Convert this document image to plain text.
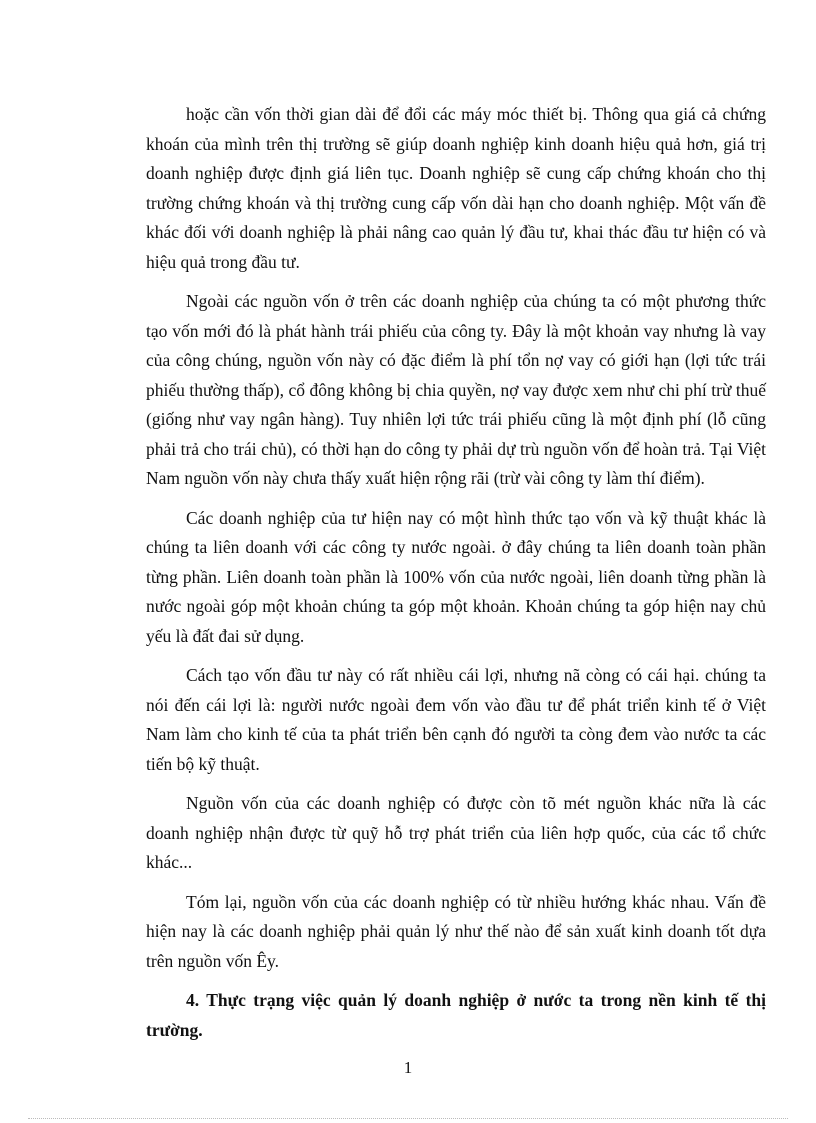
hoặc cần vốn thời gian dài để đổi các máy móc thiết bị. Thông qua giá cả chứng khoán của mình trên thị trường sẽ giúp doanh nghiệp kinh doanh hiệu quả hơn, giá trị doanh nghiệp được định giá liên tục. Doanh nghiệp sẽ cung cấp chứng khoán cho thị trường chứng khoán và thị trường cung cấp vốn dài hạn cho doanh nghiệp. Một vấn đề khác đối với doanh nghiệp là phải nâng cao quản lý đầu tư, khai thác đầu tư hiện có và hiệu quả trong đầu tư.

Ngoài các nguồn vốn ở trên các doanh nghiệp của chúng ta có một phương thức tạo vốn mới đó là phát hành trái phiếu của công ty. Đây là một khoản vay nhưng là vay của công chúng, nguồn vốn này có đặc điểm là phí tổn nợ vay có giới hạn (lợi tức trái phiếu thường thấp), cổ đông không bị chia quyền, nợ vay được xem như chi phí trừ thuế (giống như vay ngân hàng). Tuy nhiên lợi tức trái phiếu cũng là một định phí (lỗ cũng phải trả cho trái chủ), có thời hạn do công ty phải dự trù nguồn vốn để hoàn trả. Tại Việt Nam nguồn vốn này chưa thấy xuất hiện rộng rãi (trừ vài công ty làm thí điểm).

Các doanh nghiệp của tư hiện nay có một hình thức tạo vốn và kỹ thuật khác là chúng ta liên doanh với các công ty nước ngoài. ở đây chúng ta liên doanh toàn phần từng phần. Liên doanh toàn phần là 100% vốn của nước ngoài, liên doanh từng phần là nước ngoài góp một khoản chúng ta góp một khoản. Khoản chúng ta góp hiện nay chủ yếu là đất đai sử dụng.

Cách tạo vốn đầu tư này có rất nhiều cái lợi, nhưng nã còng có cái hại. chúng ta nói đến cái lợi là: người nước ngoài đem vốn vào đầu tư để phát triển kinh tế ở Việt Nam làm cho kinh tế của ta phát triển bên cạnh đó người ta còng đem vào nước ta các tiến bộ kỹ thuật.

Nguồn vốn của các doanh nghiệp có được còn tõ mét nguồn khác nữa là các doanh nghiệp nhận được từ quỹ hỗ trợ phát triển của liên hợp quốc, của các tổ chức khác...

Tóm lại, nguồn vốn của các doanh nghiệp có từ nhiều hướng khác nhau. Vấn đề hiện nay là các doanh nghiệp phải quản lý như thế nào để sản xuất kinh doanh tốt dựa trên nguồn vốn Êy.

4. Thực trạng việc quản lý doanh nghiệp ở nước ta trong nền kinh tế thị trường.

1
